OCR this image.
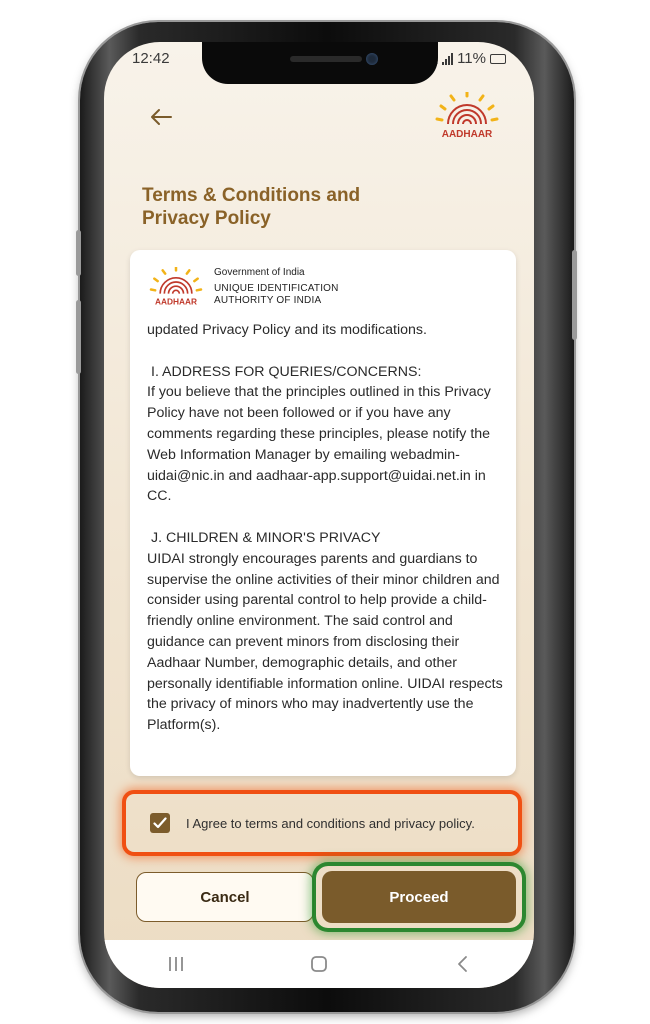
12:42	11%
AADHAAR
Terms & Conditions and Privacy Policy
AADHAAR
Government of India
UNIQUE IDENTIFICATION
AUTHORITY OF INDIA

updated Privacy Policy and its modifications.

I. ADDRESS FOR QUERIES/CONCERNS:

If you believe that the principles outlined in this Privacy Policy have not been followed or if you have any comments regarding these principles, please notify the Web Information Manager by emailing webadmin-uidai@nic.in and aadhaar-app.support@uidai.net.in in CC.

J. CHILDREN & MINOR'S PRIVACY

UIDAI strongly encourages parents and guardians to supervise the online activities of their minor children and consider using parental control to help provide a child-friendly online environment. The said control and guidance can prevent minors from disclosing their Aadhaar Number, demographic details, and other personally identifiable information online. UIDAI respects the privacy of minors who may inadvertently use the Platform(s).

I Agree to terms and conditions and privacy policy.
Cancel	Proceed
